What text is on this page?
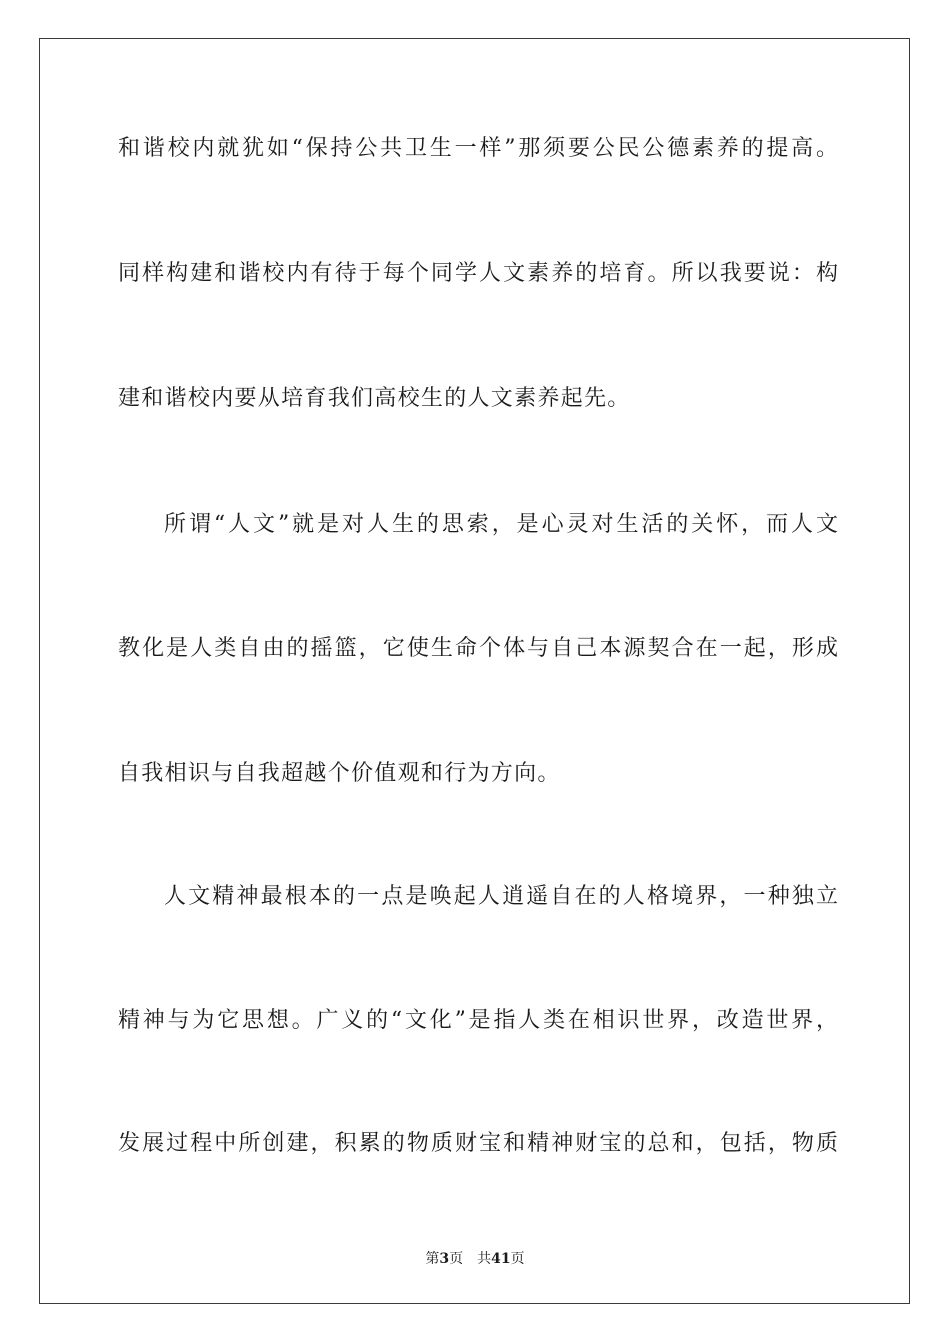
和谐校内就犹如“保持公共卫生一样”那须要公民公德素养的提高。
同样构建和谐校内有待于每个同学人文素养的培育。所以我要说：构
建和谐校内要从培育我们高校生的人文素养起先。
所谓“人文”就是对人生的思索，是心灵对生活的关怀，而人文
教化是人类自由的摇篮，它使生命个体与自己本源契合在一起，形成
自我相识与自我超越个价值观和行为方向。
人文精神最根本的一点是唤起人逍遥自在的人格境界，一种独立
精神与为它思想。广义的“文化”是指人类在相识世界，改造世界，
发展过程中所创建，积累的物质财宝和精神财宝的总和，包括，物质
第3页 共41页
